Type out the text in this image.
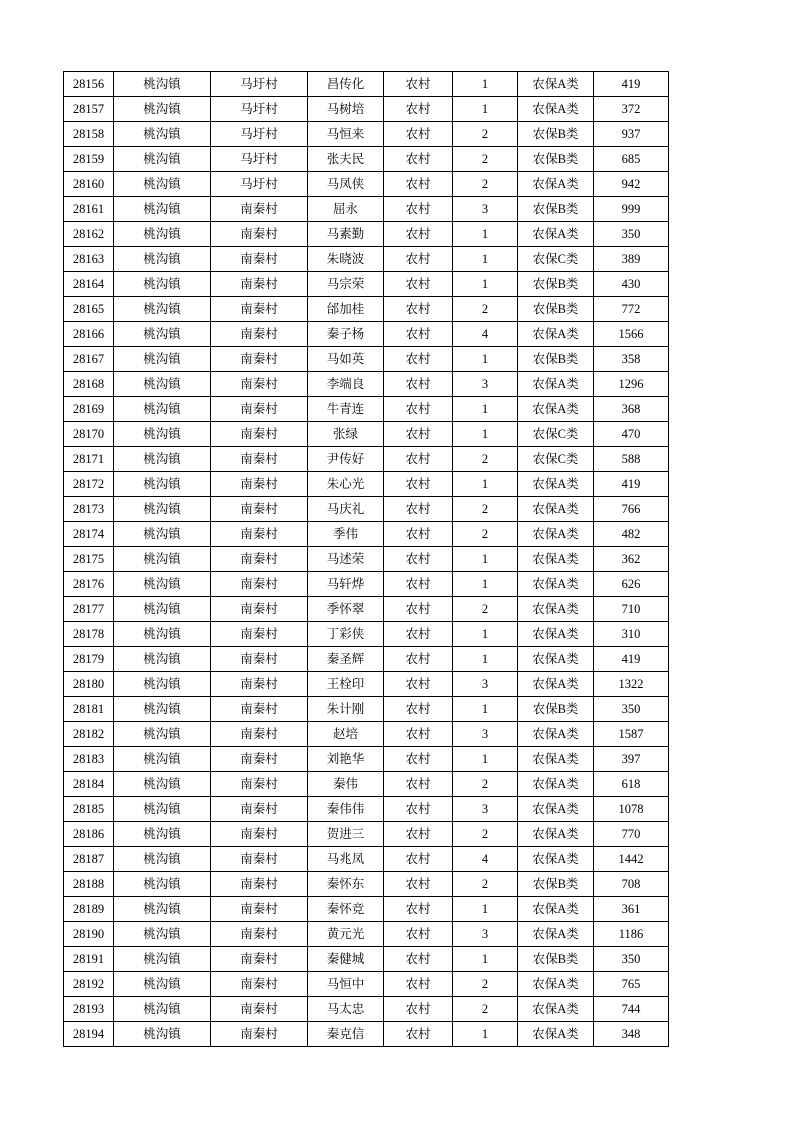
28156	桃沟镇	马圩村	昌传化	农村	1	农保A类	419
28157	桃沟镇	马圩村	马树培	农村	1	农保A类	372
28158	桃沟镇	马圩村	马恒来	农村	2	农保B类	937
28159	桃沟镇	马圩村	张夫民	农村	2	农保B类	685
28160	桃沟镇	马圩村	马凤侠	农村	2	农保A类	942
28161	桃沟镇	南秦村	屈永	农村	3	农保B类	999
28162	桃沟镇	南秦村	马素勤	农村	1	农保A类	350
28163	桃沟镇	南秦村	朱晓波	农村	1	农保C类	389
28164	桃沟镇	南秦村	马宗荣	农村	1	农保B类	430
28165	桃沟镇	南秦村	邰加桂	农村	2	农保B类	772
28166	桃沟镇	南秦村	秦子杨	农村	4	农保A类	1566
28167	桃沟镇	南秦村	马如英	农村	1	农保B类	358
28168	桃沟镇	南秦村	李端良	农村	3	农保A类	1296
28169	桃沟镇	南秦村	牛青连	农村	1	农保A类	368
28170	桃沟镇	南秦村	张绿	农村	1	农保C类	470
28171	桃沟镇	南秦村	尹传好	农村	2	农保C类	588
28172	桃沟镇	南秦村	朱心光	农村	1	农保A类	419
28173	桃沟镇	南秦村	马庆礼	农村	2	农保A类	766
28174	桃沟镇	南秦村	季伟	农村	2	农保A类	482
28175	桃沟镇	南秦村	马述荣	农村	1	农保A类	362
28176	桃沟镇	南秦村	马轩烨	农村	1	农保A类	626
28177	桃沟镇	南秦村	季怀翠	农村	2	农保A类	710
28178	桃沟镇	南秦村	丁彩侠	农村	1	农保A类	310
28179	桃沟镇	南秦村	秦圣辉	农村	1	农保A类	419
28180	桃沟镇	南秦村	王栓印	农村	3	农保A类	1322
28181	桃沟镇	南秦村	朱计刚	农村	1	农保B类	350
28182	桃沟镇	南秦村	赵培	农村	3	农保A类	1587
28183	桃沟镇	南秦村	刘艳华	农村	1	农保A类	397
28184	桃沟镇	南秦村	秦伟	农村	2	农保A类	618
28185	桃沟镇	南秦村	秦伟伟	农村	3	农保A类	1078
28186	桃沟镇	南秦村	贺进三	农村	2	农保A类	770
28187	桃沟镇	南秦村	马兆凤	农村	4	农保A类	1442
28188	桃沟镇	南秦村	秦怀东	农村	2	农保B类	708
28189	桃沟镇	南秦村	秦怀竞	农村	1	农保A类	361
28190	桃沟镇	南秦村	黄元光	农村	3	农保A类	1186
28191	桃沟镇	南秦村	秦健城	农村	1	农保B类	350
28192	桃沟镇	南秦村	马恒中	农村	2	农保A类	765
28193	桃沟镇	南秦村	马太忠	农村	2	农保A类	744
28194	桃沟镇	南秦村	秦克信	农村	1	农保A类	348
